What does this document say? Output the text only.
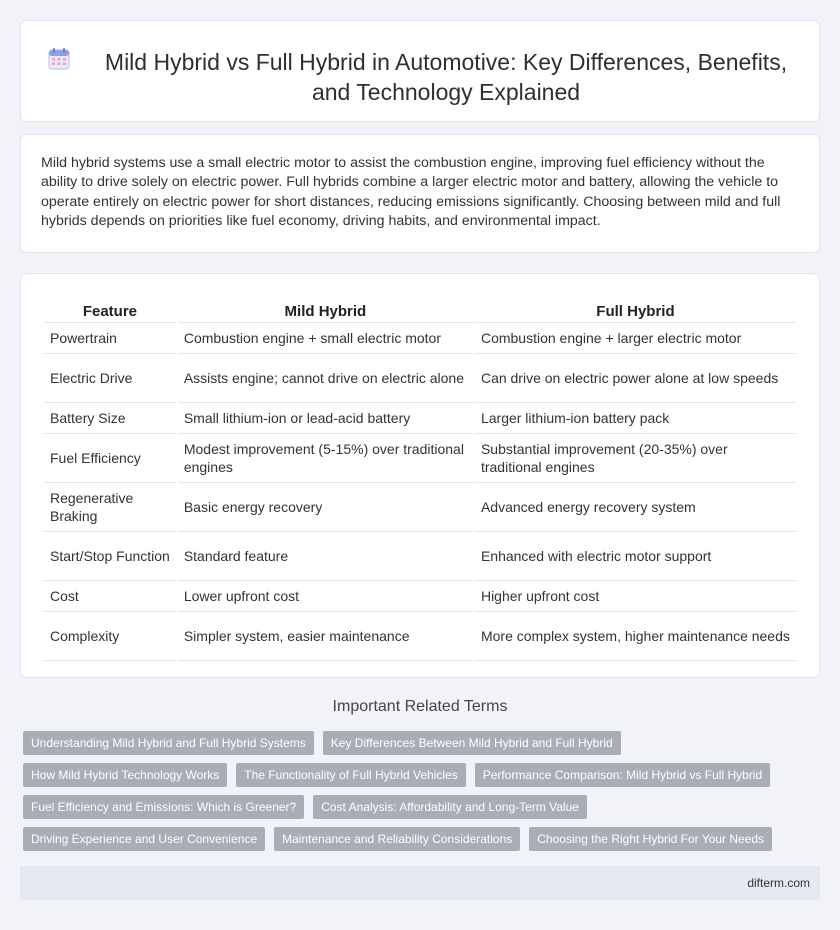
Mild Hybrid vs Full Hybrid in Automotive: Key Differences, Benefits, and Technology Explained

Mild hybrid systems use a small electric motor to assist the combustion engine, improving fuel efficiency without the ability to drive solely on electric power. Full hybrids combine a larger electric motor and battery, allowing the vehicle to operate entirely on electric power for short distances, reducing emissions significantly. Choosing between mild and full hybrids depends on priorities like fuel economy, driving habits, and environmental impact.

Feature	Mild Hybrid	Full Hybrid
Powertrain	Combustion engine + small electric motor	Combustion engine + larger electric motor
Electric Drive	Assists engine; cannot drive on electric alone	Can drive on electric power alone at low speeds
Battery Size	Small lithium-ion or lead-acid battery	Larger lithium-ion battery pack
Fuel Efficiency	Modest improvement (5-15%) over traditional engines	Substantial improvement (20-35%) over traditional engines
Regenerative Braking	Basic energy recovery	Advanced energy recovery system
Start/Stop Function	Standard feature	Enhanced with electric motor support
Cost	Lower upfront cost	Higher upfront cost
Complexity	Simpler system, easier maintenance	More complex system, higher maintenance needs
Important Related Terms
Understanding Mild Hybrid and Full Hybrid Systems	Key Differences Between Mild Hybrid and Full Hybrid
How Mild Hybrid Technology Works	The Functionality of Full Hybrid Vehicles	Performance Comparison: Mild Hybrid vs Full Hybrid
Fuel Efficiency and Emissions: Which is Greener?	Cost Analysis: Affordability and Long-Term Value
Driving Experience and User Convenience	Maintenance and Reliability Considerations	Choosing the Right Hybrid For Your Needs
difterm.com
